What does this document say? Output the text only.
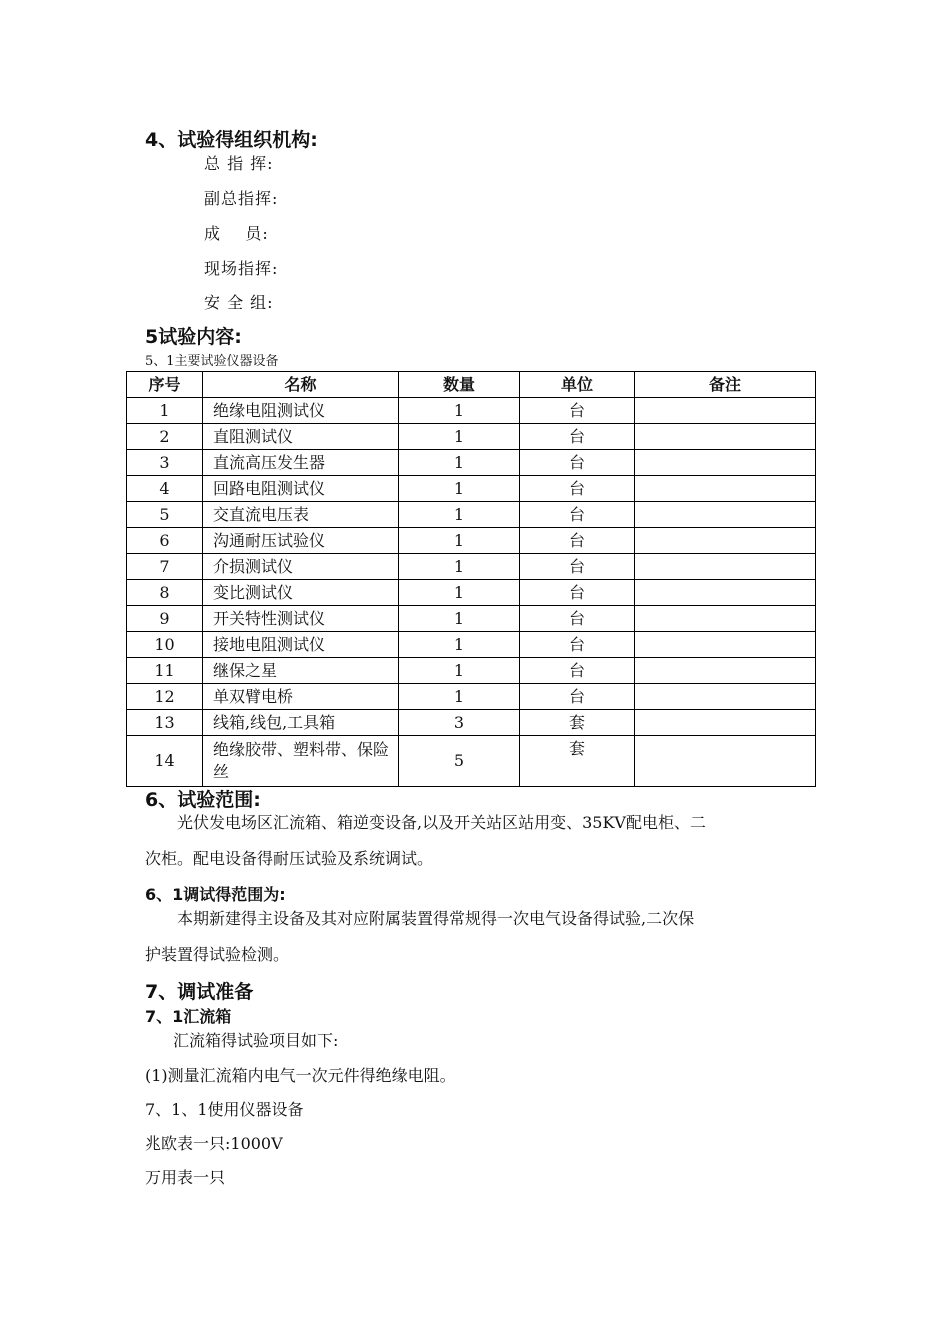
4、试验得组织机构:
总 指 挥:
副总指挥:
成    员:
现场指挥:
安 全 组:
5试验内容:
5、1主要试验仪器设备
序号	名称	数量	单位	备注
1	绝缘电阻测试仪	1	台	
2	直阻测试仪	1	台	
3	直流高压发生器	1	台	
4	回路电阻测试仪	1	台	
5	交直流电压表	1	台	
6	沟通耐压试验仪	1	台	
7	介损测试仪	1	台	
8	变比测试仪	1	台	
9	开关特性测试仪	1	台	
10	接地电阻测试仪	1	台	
11	继保之星	1	台	
12	单双臂电桥	1	台	
13	线箱,线包,工具箱	3	套	
14	绝缘胶带、塑料带、保险丝	5	套	
6、试验范围:
光伏发电场区汇流箱、箱逆变设备,以及开关站区站用变、35KV配电柜、二
次柜。配电设备得耐压试验及系统调试。
6、1调试得范围为:
本期新建得主设备及其对应附属装置得常规得一次电气设备得试验,二次保
护装置得试验检测。
7、调试准备
7、1汇流箱
汇流箱得试验项目如下:
(1)测量汇流箱内电气一次元件得绝缘电阻。
7、1、1使用仪器设备
兆欧表一只:1000V
万用表一只
